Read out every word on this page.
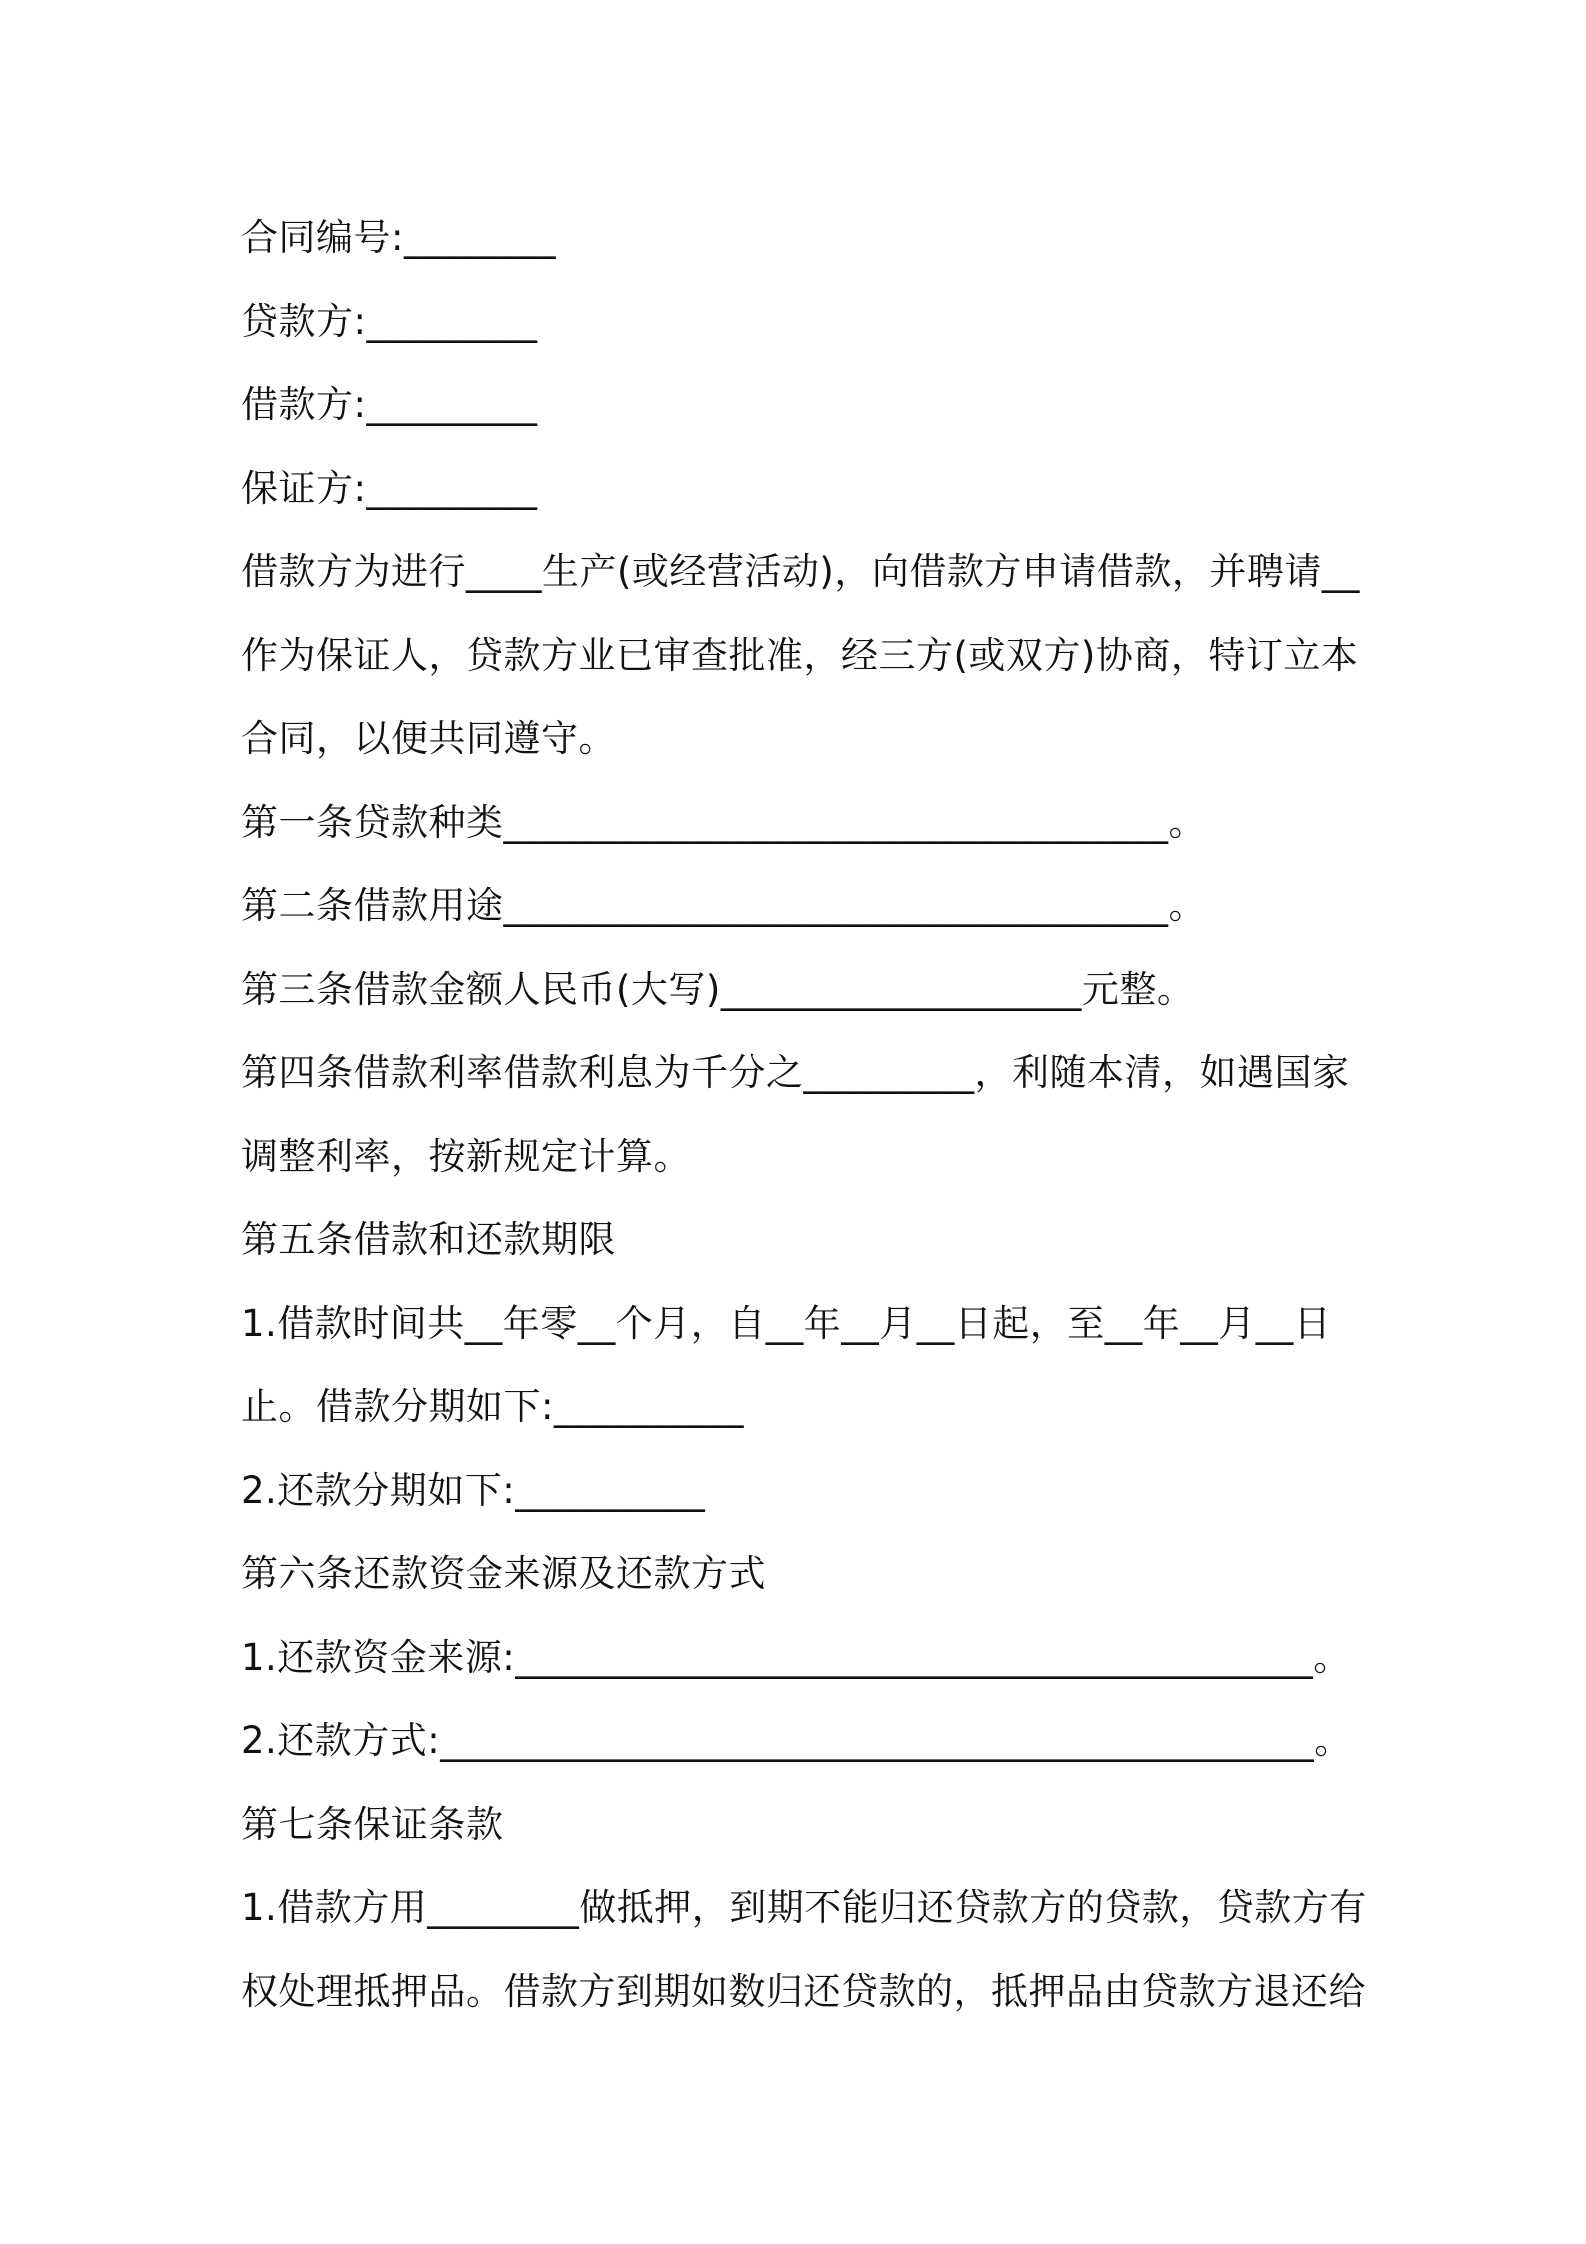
合同编号:________
贷款方:_________
借款方:_________
保证方:_________
借款方为进行____生产(或经营活动)，向借款方申请借款，并聘请__
作为保证人，贷款方业已审查批准，经三方(或双方)协商，特订立本
合同，以便共同遵守。
第一条贷款种类___________________________________。
第二条借款用途___________________________________。
第三条借款金额人民币(大写)___________________元整。
第四条借款利率借款利息为千分之_________，利随本清，如遇国家
调整利率，按新规定计算。
第五条借款和还款期限
1.借款时间共__年零__个月，自__年__月__日起，至__年__月__日
止。借款分期如下:__________
2.还款分期如下:__________
第六条还款资金来源及还款方式
1.还款资金来源:__________________________________________。
2.还款方式:______________________________________________。
第七条保证条款
1.借款方用________做抵押，到期不能归还贷款方的贷款，贷款方有
权处理抵押品。借款方到期如数归还贷款的，抵押品由贷款方退还给
